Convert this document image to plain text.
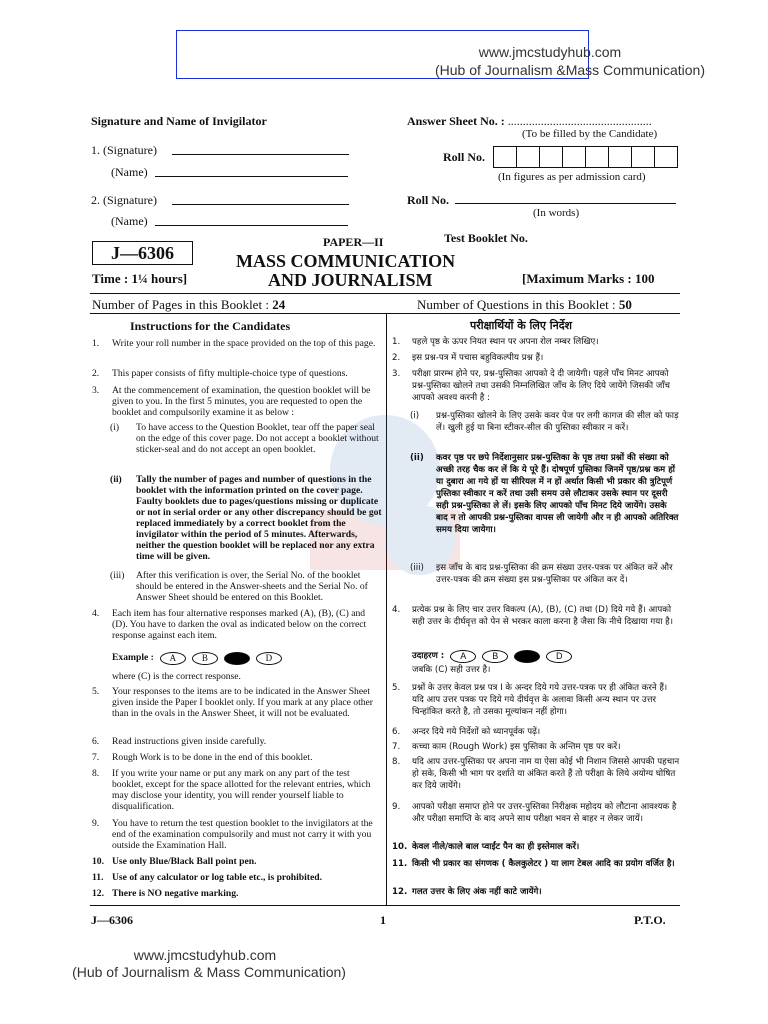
www.jmcstudyhub.com
(Hub of Journalism &Mass Communication)
Signature and Name of Invigilator
1. (Signature)
(Name)
2. (Signature)
(Name)
Answer Sheet No. : ................................................
(To be filled by the Candidate)
Roll No.
(In figures as per admission card)
Roll No.
(In words)
Test Booklet No.
J—6306
PAPER—II
MASS COMMUNICATION
AND JOURNALISM
Time : 1¼ hours]	[Maximum Marks : 100
Number of Pages in this Booklet : 24	Number of Questions in this Booklet : 50
Instructions for the Candidates
1.	Write your roll number in the space provided on the top of this page.
2.	This paper consists of fifty multiple-choice type of questions.
3.	At the commencement of examination, the question booklet will be given to you. In the first 5 minutes, you are requested to open the booklet and compulsorily examine it as below :
(i)	To have access to the Question Booklet, tear off the paper seal on the edge of this cover page. Do not accept a booklet without sticker-seal and do not accept an open booklet.
(ii)	Tally the number of pages and number of questions in the booklet with the information printed on the cover page. Faulty booklets due to pages/questions missing or duplicate or not in serial order or any other discrepancy should be got replaced immediately by a correct booklet from the invigilator within the period of 5 minutes. Afterwards, neither the question booklet will be replaced nor any extra time will be given.
(iii)	After this verification is over, the Serial No. of the booklet should be entered in the Answer-sheets and the Serial No. of Answer Sheet should be entered on this Booklet.
4.	Each item has four alternative responses marked (A), (B), (C) and (D). You have to darken the oval as indicated below on the correct response against each item.
Example :	A	B	D
where (C) is the correct response.
5.	Your responses to the items are to be indicated in the Answer Sheet given inside the Paper I booklet only. If you mark at any place other than in the ovals in the Answer Sheet, it will not be evaluated.
6.	Read instructions given inside carefully.
7.	Rough Work is to be done in the end of this booklet.
8.	If you write your name or put any mark on any part of the test booklet, except for the space allotted for the relevant entries, which may disclose your identity, you will render yourself liable to disqualification.
9.	You have to return the test question booklet to the invigilators at the end of the examination compulsorily and must not carry it with you outside the Examination Hall.
10. Use only Blue/Black Ball point pen.
11. Use of any calculator or log table etc., is prohibited.
12. There is NO negative marking.
परीक्षार्थियों के लिए निर्देश
1.	पहले पृष्ठ के ऊपर नियत स्थान पर अपना रोल नम्बर लिखिए।
2.	इस प्रश्न-पत्र में पचास बहुविकल्पीय प्रश्न हैं।
3.	परीक्षा प्रारम्भ होने पर, प्रश्न-पुस्तिका आपको दे दी जायेगी। पहले पाँच मिनट आपको प्रश्न-पुस्तिका खोलने तथा उसकी निम्नलिखित जाँच के लिए दिये जायेंगे जिसकी जाँच आपको अवश्य करनी है :
(i)	प्रश्न-पुस्तिका खोलने के लिए उसके कवर पेज पर लगी कागज की सील को फाड़ लें। खुली हुई या बिना स्टीकर-सील की पुस्तिका स्वीकार न करें।
(ii)	कवर पृष्ठ पर छपे निर्देशानुसार प्रश्न-पुस्तिका के पृष्ठ तथा प्रश्नों की संख्या को अच्छी तरह चैक कर लें कि ये पूरे हैं। दोषपूर्ण पुस्तिका जिनमें पृष्ठ/प्रश्न कम हों या दुबारा आ गये हों या सीरियल में न हों अर्थात किसी भी प्रकार की त्रुटिपूर्ण पुस्तिका स्वीकार न करें तथा उसी समय उसे लौटाकर उसके स्थान पर दूसरी सही प्रश्न-पुस्तिका ले लें। इसके लिए आपको पाँच मिनट दिये जायेंगे। उसके बाद न तो आपकी प्रश्न-पुस्तिका वापस ली जायेगी और न ही आपको अतिरिक्त समय दिया जायेगा।
(iii)	इस जाँच के बाद प्रश्न-पुस्तिका की क्रम संख्या उत्तर-पत्रक पर अंकित करें और उत्तर-पत्रक की क्रम संख्या इस प्रश्न-पुस्तिका पर अंकित कर दें।
4.	प्रत्येक प्रश्न के लिए चार उत्तर विकल्प (A), (B), (C) तथा (D) दिये गये हैं। आपको सही उत्तर के दीर्घवृत्त को पेन से भरकर काला करना है जैसा कि नीचे दिखाया गया है।
उदाहरण :	A	B	D
जबकि (C) सही उत्तर है।
5.	प्रश्नों के उत्तर केवल प्रश्न पत्र I के अन्दर दिये गये उत्तर-पत्रक पर ही अंकित करने हैं। यदि आप उत्तर पत्रक पर दिये गये दीर्घवृत्त के अलावा किसी अन्य स्थान पर उत्तर चिन्हांकित करते है, तो उसका मूल्यांकन नहीं होगा।
6.	अन्दर दिये गये निर्देशों को ध्यानपूर्वक पढ़ें।
7.	कच्चा काम (Rough Work) इस पुस्तिका के अन्तिम पृष्ठ पर करें।
8.	यदि आप उत्तर-पुस्तिका पर अपना नाम या ऐसा कोई भी निशान जिससे आपकी पहचान हो सके, किसी भी भाग पर दर्शाते या अंकित करते हैं तो परीक्षा के लिये अयोग्य घोषित कर दिये जायेंगे।
9.	आपको परीक्षा समाप्त होने पर उत्तर-पुस्तिका निरीक्षक महोदय को लौटाना आवश्यक है और परीक्षा समाप्ति के बाद अपने साथ परीक्षा भवन से बाहर न लेकर जायें।
10. केवल नीले/काले बाल प्वाईंट पैन का ही इस्तेमाल करें।
11. किसी भी प्रकार का संगणक ( कैलकुलेटर ) या लाग टेबल आदि का प्रयोग वर्जित है।
12. गलत उत्तर के लिए अंक नहीं काटे जायेंगे।
J—6306	1	P.T.O.
www.jmcstudyhub.com
(Hub of Journalism & Mass Communication)
